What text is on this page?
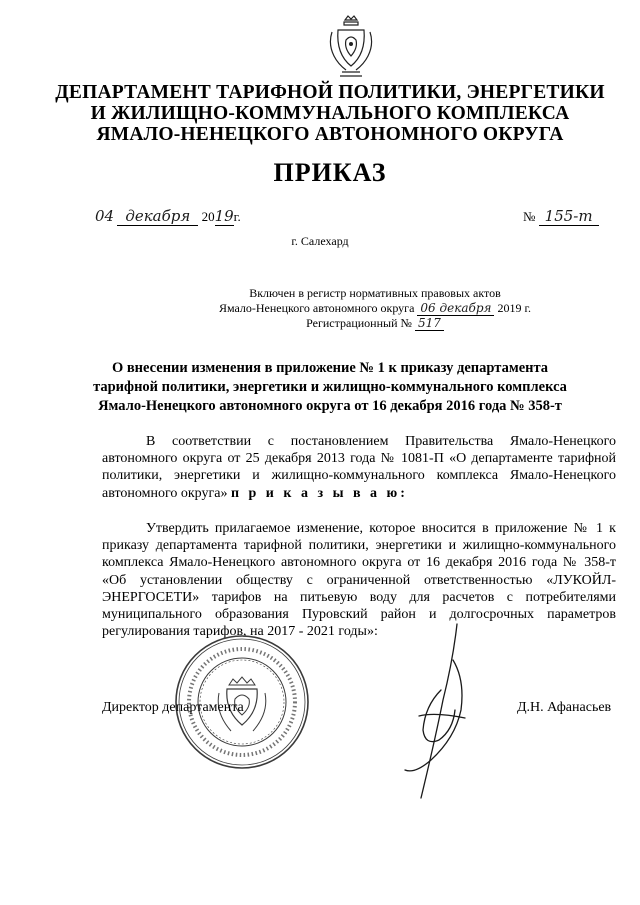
ДЕПАРТАМЕНТ ТАРИФНОЙ ПОЛИТИКИ, ЭНЕРГЕТИКИ
И ЖИЛИЩНО-КОММУНАЛЬНОГО КОМПЛЕКСА
ЯМАЛО-НЕНЕЦКОГО АВТОНОМНОГО ОКРУГА
ПРИКАЗ
04 декабря 2019г.	№ 155-т
г. Салехард
Включен в регистр нормативных правовых актов
Ямало-Ненецкого автономного округа 06 декабря 2019 г.
Регистрационный № 517
О внесении изменения в приложение № 1 к приказу департамента
тарифной политики, энергетики и жилищно-коммунального комплекса
Ямало-Ненецкого автономного округа от 16 декабря 2016 года № 358-т
В соответствии с постановлением Правительства Ямало-Ненецкого автономного округа от 25 декабря 2013 года № 1081-П «О департаменте тарифной политики, энергетики и жилищно-коммунального комплекса Ямало-Ненецкого автономного округа» п р и к а з ы в а ю:
Утвердить прилагаемое изменение, которое вносится в приложение № 1 к приказу департамента тарифной политики, энергетики и жилищно-коммунального комплекса Ямало-Ненецкого автономного округа от 16 декабря 2016 года № 358-т «Об установлении обществу с ограниченной ответственностью «ЛУКОЙЛ-ЭНЕРГОСЕТИ» тарифов на питьевую воду для расчетов с потребителями муниципального образования Пуровский район и долгосрочных параметров регулирования тарифов, на 2017 - 2021 годы»:
Директор департамента	Д.Н. Афанасьев
